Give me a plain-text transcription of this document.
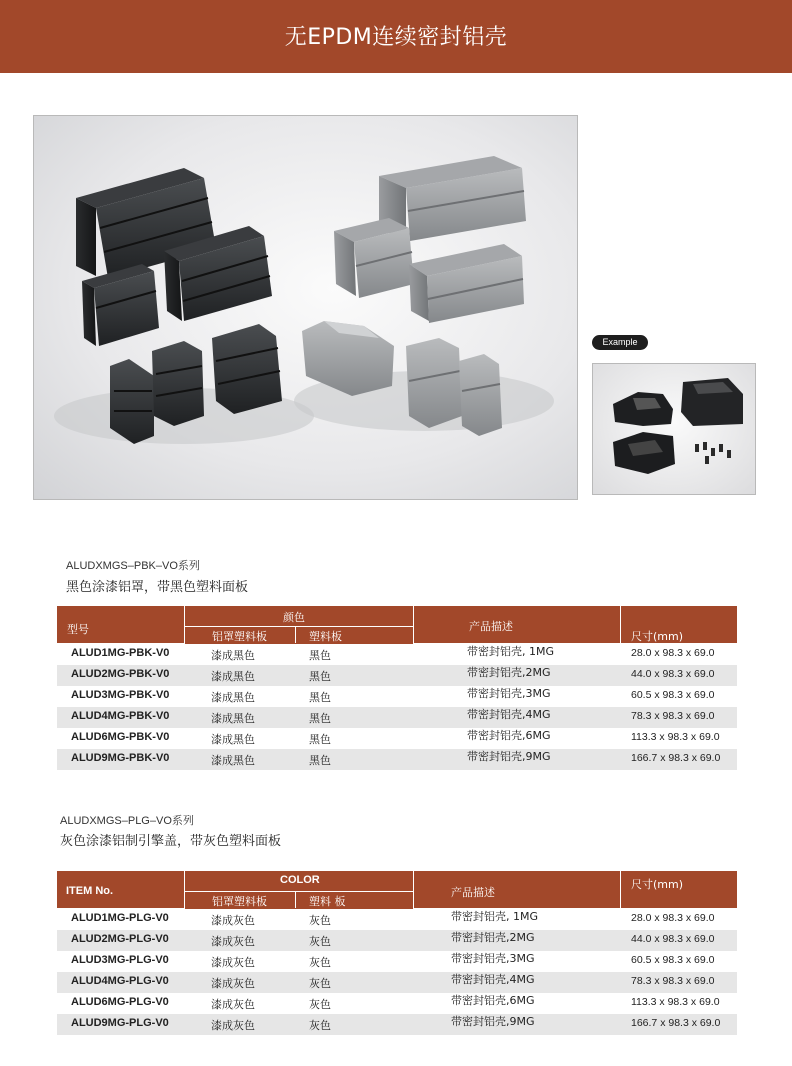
无EPDM连续密封铝壳
Example
ALUDXMGS–PBK–VO系列
黑色涂漆铝罩，带黑色塑料面板
型号
颜色
铝罩塑料板	塑料板
产品描述
尺寸(mm)
ALUD1MG-PBK-V0	漆成黑色	黑色	带密封铝壳, 1MG	28.0 x 98.3 x 69.0
ALUD2MG-PBK-V0	漆成黑色	黑色	带密封铝壳,2MG	44.0 x 98.3 x 69.0
ALUD3MG-PBK-V0	漆成黑色	黑色	带密封铝壳,3MG	60.5 x 98.3 x 69.0
ALUD4MG-PBK-V0	漆成黑色	黑色	带密封铝壳,4MG	78.3 x 98.3 x 69.0
ALUD6MG-PBK-V0	漆成黑色	黑色	带密封铝壳,6MG	113.3 x 98.3 x 69.0
ALUD9MG-PBK-V0	漆成黑色	黑色	带密封铝壳,9MG	166.7 x 98.3 x 69.0
ALUDXMGS–PLG–VO系列
灰色涂漆铝制引擎盖，带灰色塑料面板
ITEM No.
COLOR
铝罩塑料板	塑料 板
产品描述
尺寸(mm)
ALUD1MG-PLG-V0	漆成灰色	灰色	带密封铝壳, 1MG	28.0 x 98.3 x 69.0
ALUD2MG-PLG-V0	漆成灰色	灰色	带密封铝壳,2MG	44.0 x 98.3 x 69.0
ALUD3MG-PLG-V0	漆成灰色	灰色	带密封铝壳,3MG	60.5 x 98.3 x 69.0
ALUD4MG-PLG-V0	漆成灰色	灰色	带密封铝壳,4MG	78.3 x 98.3 x 69.0
ALUD6MG-PLG-V0	漆成灰色	灰色	带密封铝壳,6MG	113.3 x 98.3 x 69.0
ALUD9MG-PLG-V0	漆成灰色	灰色	带密封铝壳,9MG	166.7 x 98.3 x 69.0
